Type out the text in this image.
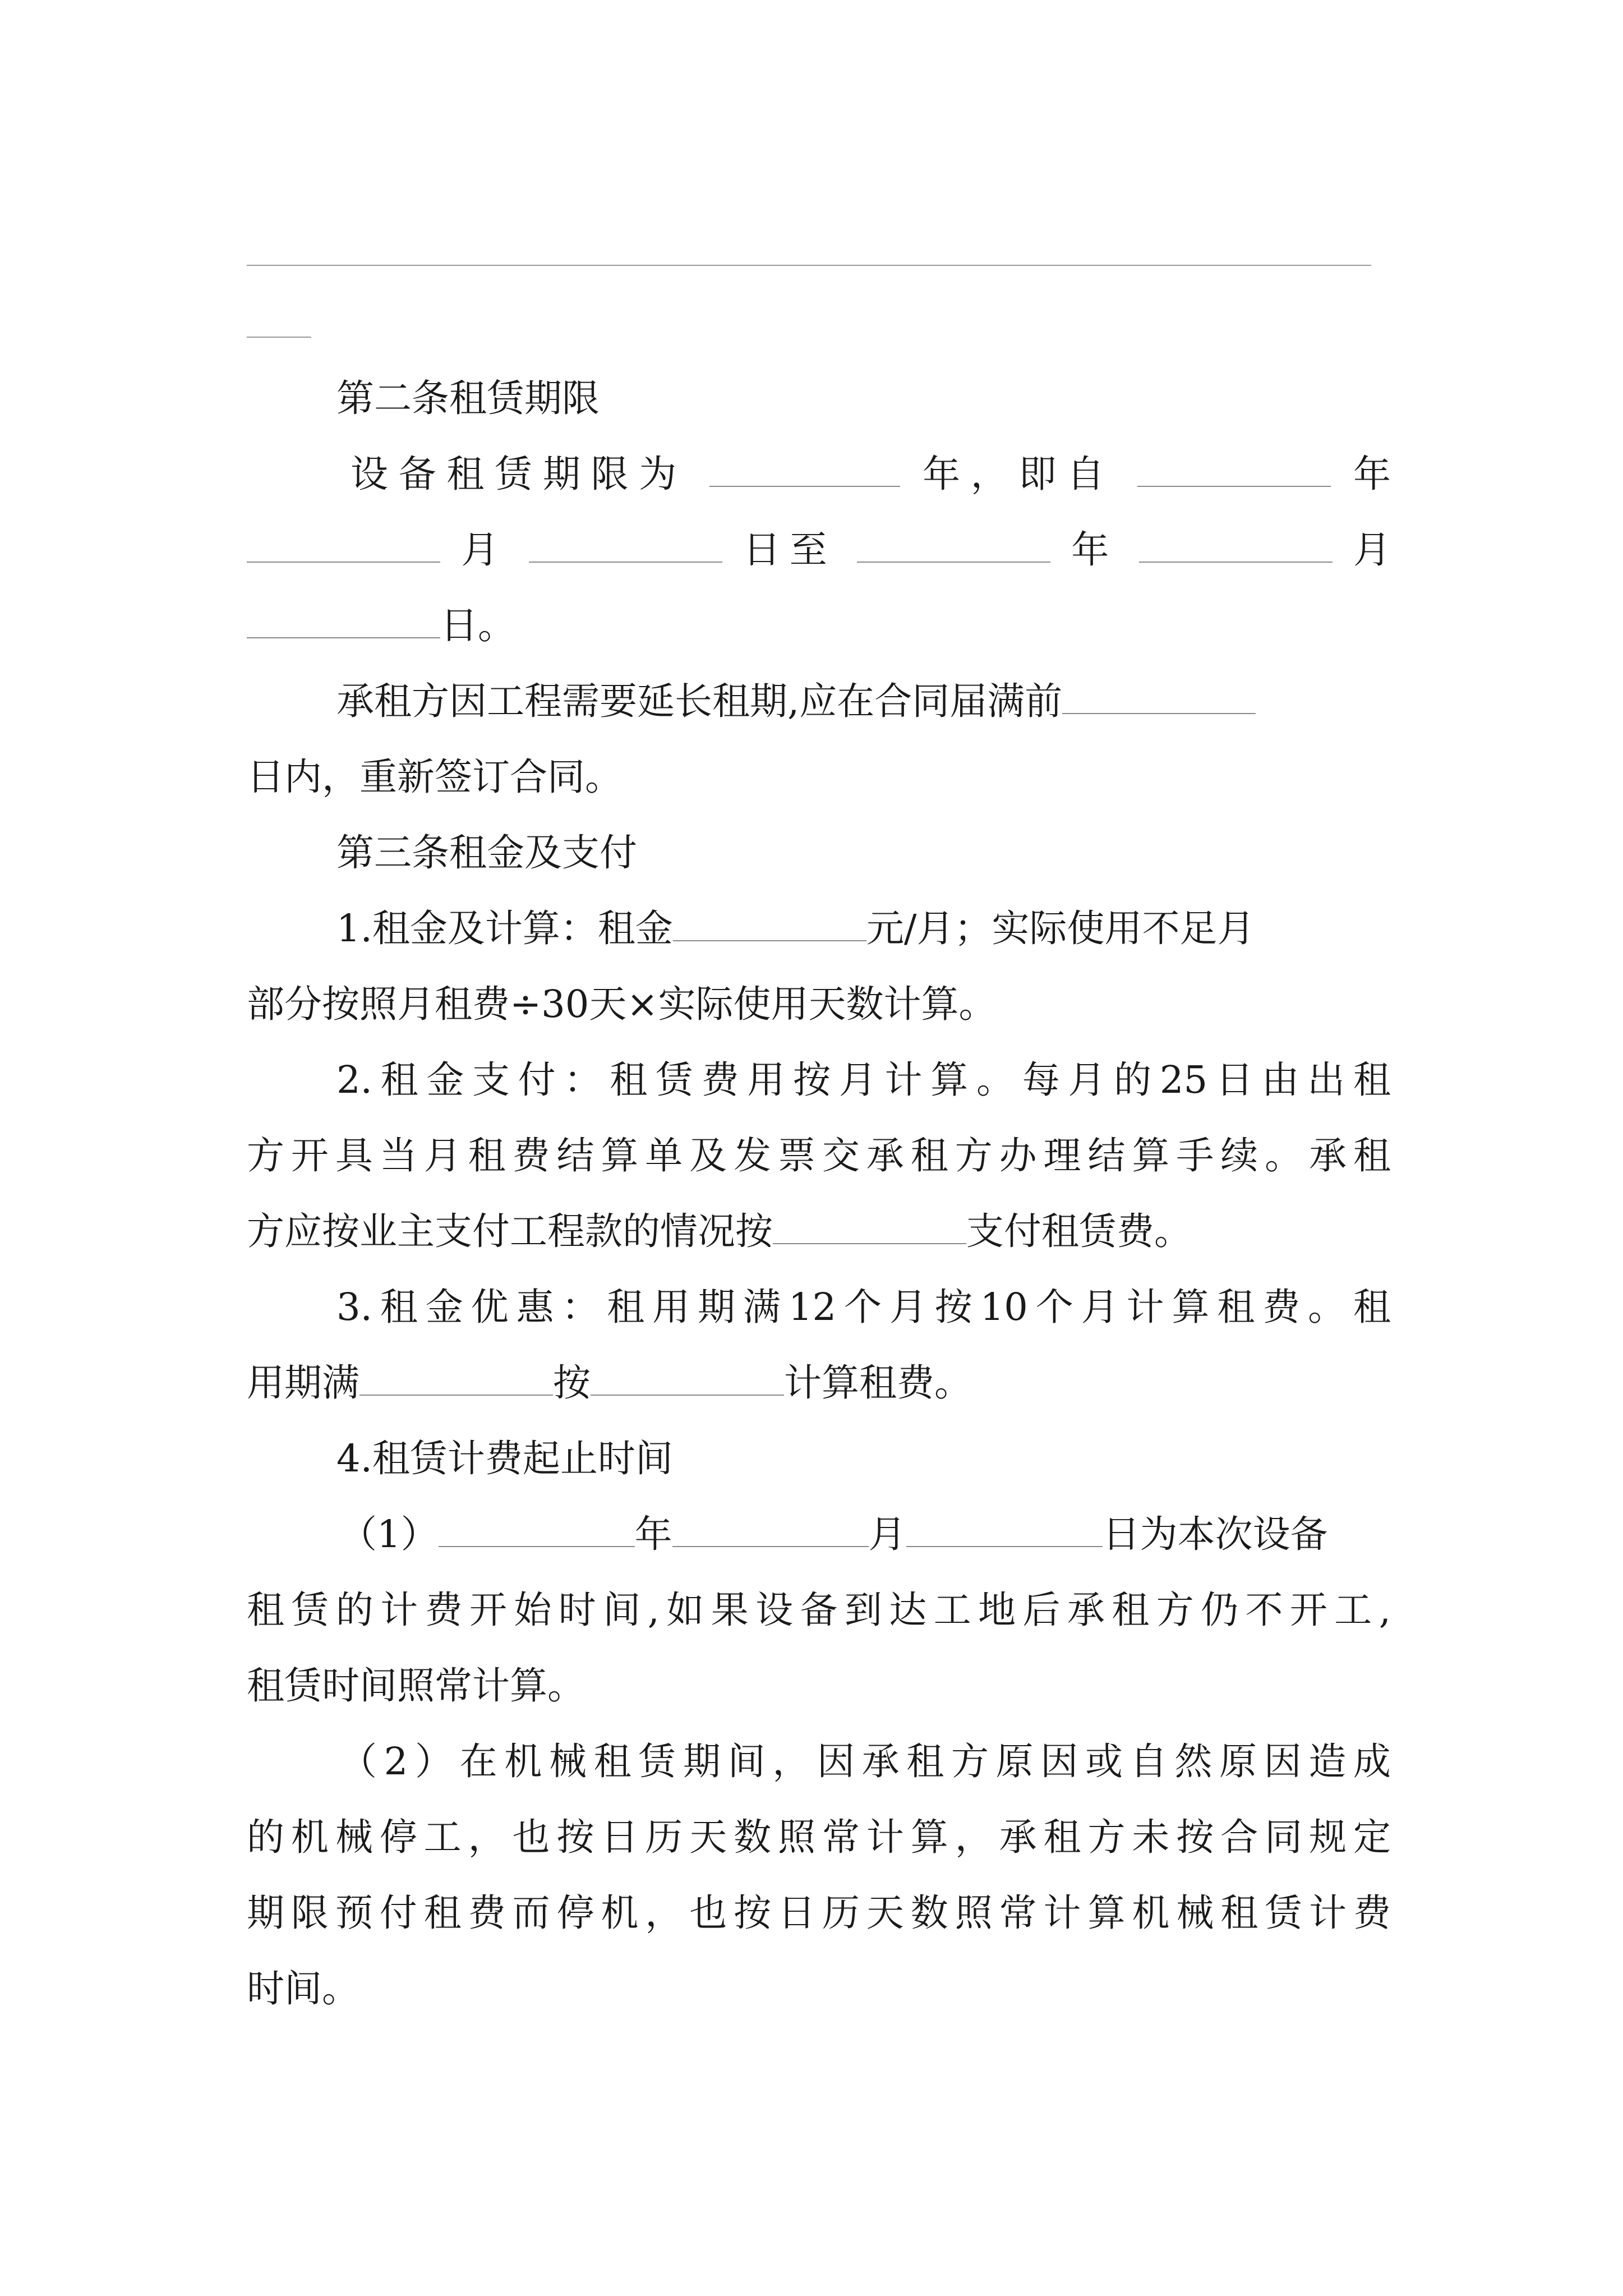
第二条租赁期限
设备租赁期限为	年，即自	年
月	日至	年	月
日。
承租方因工程需要延长租期,应在合同届满前
日内，重新签订合同。
第三条租金及支付
1.租金及计算：租金	元/月；实际使用不足月
部分按照月租费÷30天×实际使用天数计算。
2.租金支付：租赁费用按月计算。每月的25日由出租
方开具当月租费结算单及发票交承租方办理结算手续。承租
方应按业主支付工程款的情况按	支付租赁费。
3.租金优惠：租用期满12个月按10个月计算租费。租
用期满	按	计算租费。
4.租赁计费起止时间
（1）	年	月	日为本次设备
租赁的计费开始时间,如果设备到达工地后承租方仍不开工,
租赁时间照常计算。
（2）在机械租赁期间，因承租方原因或自然原因造成
的机械停工，也按日历天数照常计算，承租方未按合同规定
期限预付租费而停机，也按日历天数照常计算机械租赁计费
时间。
